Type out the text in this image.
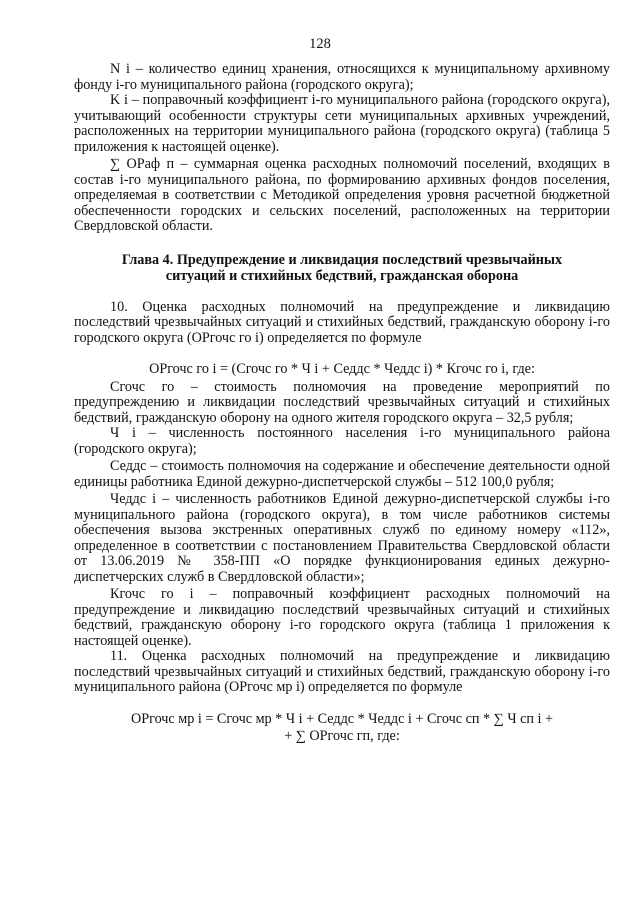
128

N i – количество единиц хранения, относящихся к муниципальному архивному фонду i-го муниципального района (городского округа);

K i – поправочный коэффициент i-го муниципального района (городского округа), учитывающий особенности структуры сети муниципальных архивных учреждений, расположенных на территории муниципального района (городского округа) (таблица 5 приложения к настоящей оценке).

∑ ОРаф п – суммарная оценка расходных полномочий поселений, входящих в состав i-го муниципального района, по формированию архивных фондов поселения, определяемая в соответствии с Методикой определения уровня расчетной бюджетной обеспеченности городских и сельских поселений, расположенных на территории Свердловской области.

Глава 4. Предупреждение и ликвидация последствий чрезвычайных ситуаций и стихийных бедствий, гражданская оборона

10. Оценка расходных полномочий на предупреждение и ликвидацию последствий чрезвычайных ситуаций и стихийных бедствий, гражданскую оборону i-го городского округа (ОРгочс го i) определяется по формуле

ОРгочс го i = (Сгочс го * Ч i + Седдс * Чеддс i) * Кгочс го i, где:

Сгочс го – стоимость полномочия на проведение мероприятий по предупреждению и ликвидации последствий чрезвычайных ситуаций и стихийных бедствий, гражданскую оборону на одного жителя городского округа – 32,5 рубля;

Ч i – численность постоянного населения i-го муниципального района (городского округа);

Седдс – стоимость полномочия на содержание и обеспечение деятельности одной единицы работника Единой дежурно-диспетчерской службы – 512 100,0 рубля;

Чеддс i – численность работников Единой дежурно-диспетчерской службы i-го муниципального района (городского округа), в том числе работников системы обеспечения вызова экстренных оперативных служб по единому номеру «112», определенное в соответствии с постановлением Правительства Свердловской области от 13.06.2019 № 358-ПП «О порядке функционирования единых дежурно-диспетчерских служб в Свердловской области»;

Кгочс го i – поправочный коэффициент расходных полномочий на предупреждение и ликвидацию последствий чрезвычайных ситуаций и стихийных бедствий, гражданскую оборону i-го городского округа (таблица 1 приложения к настоящей оценке).

11. Оценка расходных полномочий на предупреждение и ликвидацию последствий чрезвычайных ситуаций и стихийных бедствий, гражданскую оборону i-го муниципального района (ОРгочс мр i) определяется по формуле

ОРгочс мр i = Сгочс мр * Ч i + Седдс * Чеддс i + Сгочс сп * ∑ Ч сп i +

+ ∑ ОРгочс гп, где:
